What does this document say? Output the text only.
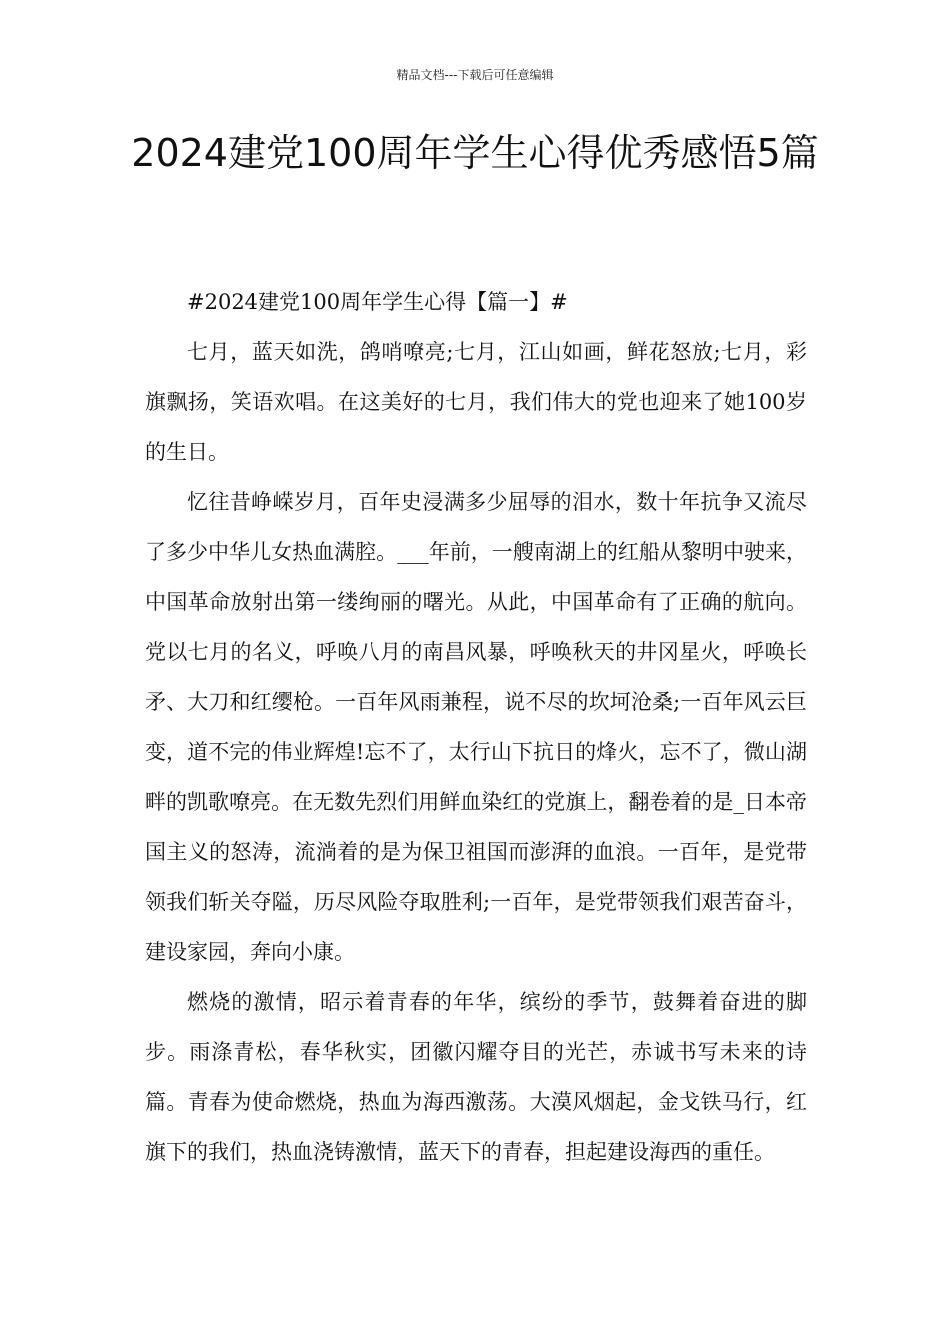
精品文档---下载后可任意编辑
2024建党100周年学生心得优秀感悟5篇

#2024建党100周年学生心得【篇一】#

七月，蓝天如洗，鸽哨嘹亮;七月，江山如画，鲜花怒放;七月，彩旗飘扬，笑语欢唱。在这美好的七月，我们伟大的党也迎来了她100岁的生日。

忆往昔峥嵘岁月，百年史浸满多少屈辱的泪水，数十年抗争又流尽了多少中华儿女热血满腔。___年前，一艘南湖上的红船从黎明中驶来，中国革命放射出第一缕绚丽的曙光。从此，中国革命有了正确的航向。党以七月的名义，呼唤八月的南昌风暴，呼唤秋天的井冈星火，呼唤长矛、大刀和红缨枪。一百年风雨兼程，说不尽的坎坷沧桑;一百年风云巨变，道不完的伟业辉煌!忘不了，太行山下抗日的烽火，忘不了，微山湖畔的凯歌嘹亮。在无数先烈们用鲜血染红的党旗上，翻卷着的是_日本帝国主义的怒涛，流淌着的是为保卫祖国而澎湃的血浪。一百年，是党带领我们斩关夺隘，历尽风险夺取胜利;一百年，是党带领我们艰苦奋斗，建设家园，奔向小康。

燃烧的激情，昭示着青春的年华，缤纷的季节，鼓舞着奋进的脚步。雨涤青松，春华秋实，团徽闪耀夺目的光芒，赤诚书写未来的诗篇。青春为使命燃烧，热血为海西激荡。大漠风烟起，金戈铁马行，红旗下的我们，热血浇铸激情，蓝天下的青春，担起建设海西的重任。
